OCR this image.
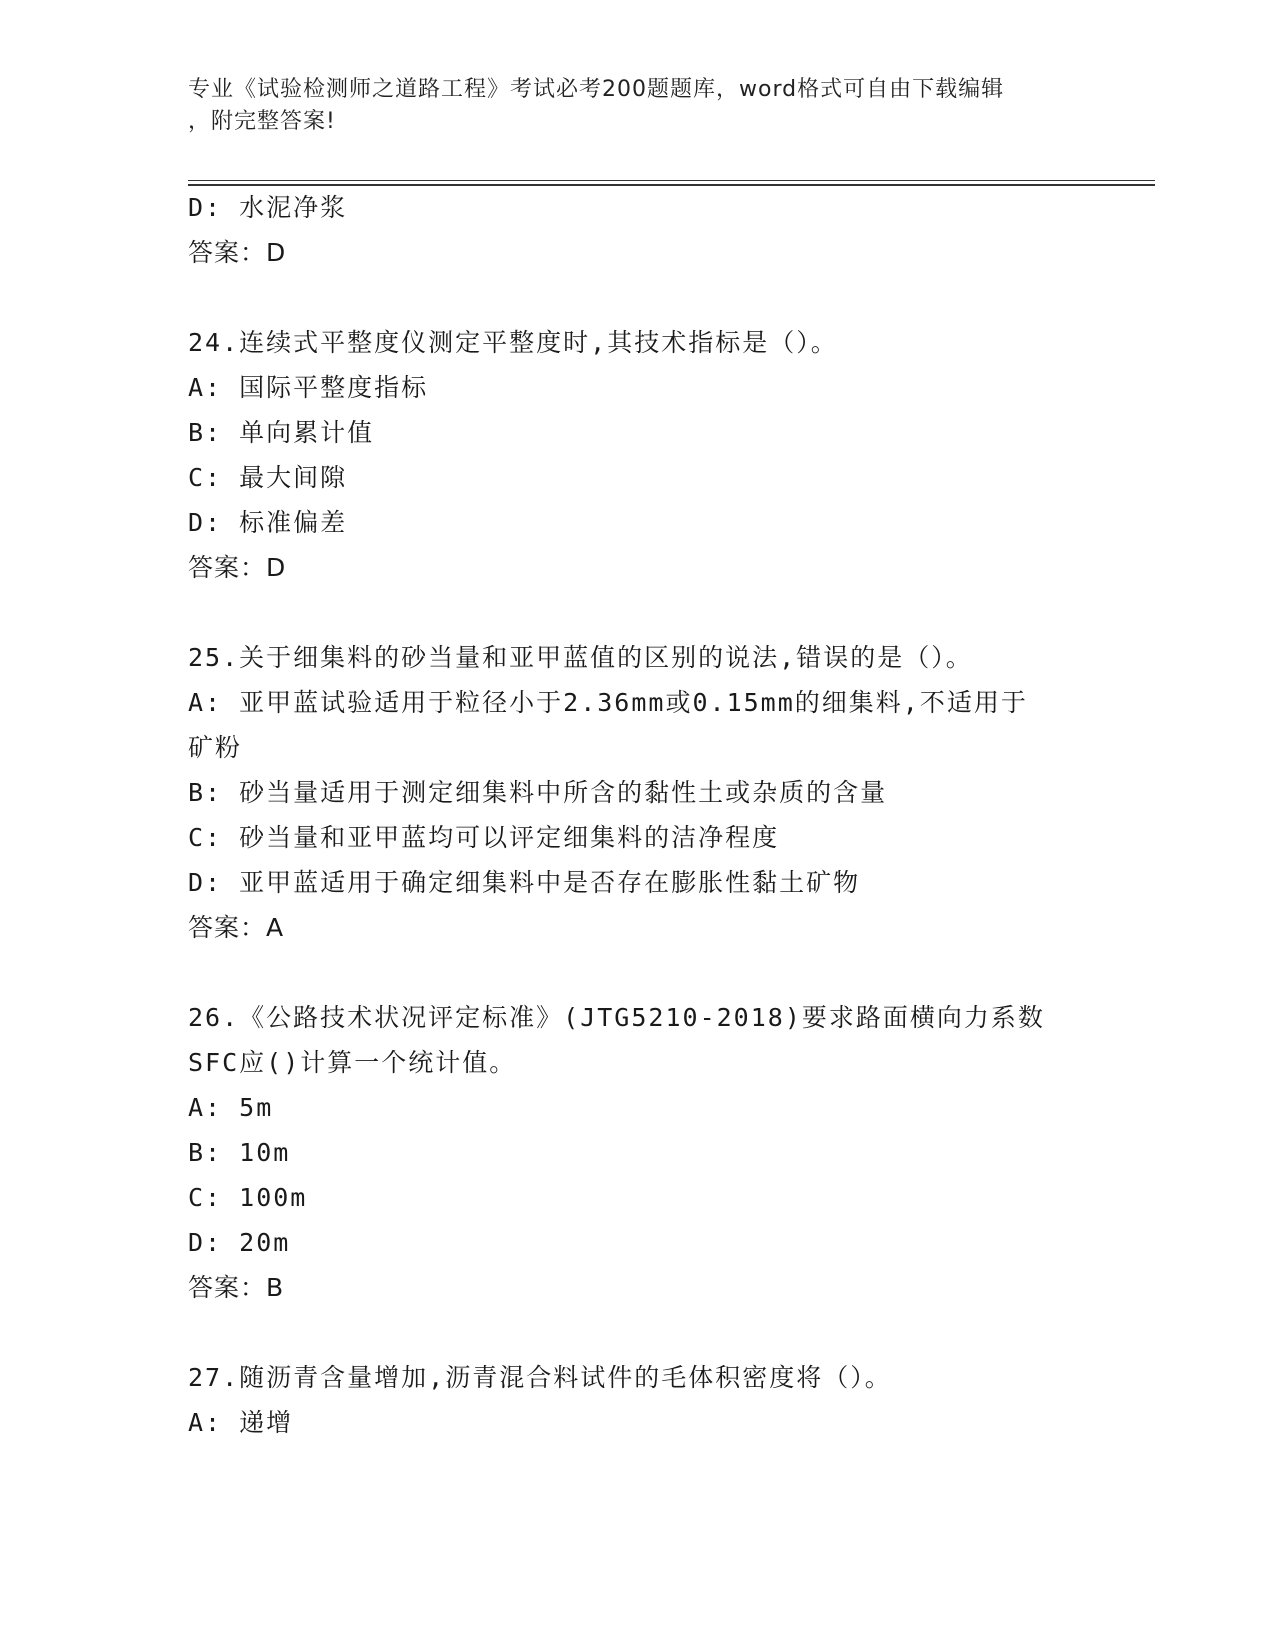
专业《试验检测师之道路工程》考试必考200题题库，word格式可自由下载编辑
，附完整答案!
D: 水泥净浆
答案：D
24.连续式平整度仪测定平整度时,其技术指标是（）。
A: 国际平整度指标
B: 单向累计值
C: 最大间隙
D: 标准偏差
答案：D
25.关于细集料的砂当量和亚甲蓝值的区别的说法,错误的是（）。
A: 亚甲蓝试验适用于粒径小于2.36mm或0.15mm的细集料,不适用于
矿粉
B: 砂当量适用于测定细集料中所含的黏性土或杂质的含量
C: 砂当量和亚甲蓝均可以评定细集料的洁净程度
D: 亚甲蓝适用于确定细集料中是否存在膨胀性黏土矿物
答案：A
26.《公路技术状况评定标准》(JTG5210-2018)要求路面横向力系数
SFC应()计算一个统计值。
A: 5m
B: 10m
C: 100m
D: 20m
答案：B
27.随沥青含量增加,沥青混合料试件的毛体积密度将（）。
A: 递增
